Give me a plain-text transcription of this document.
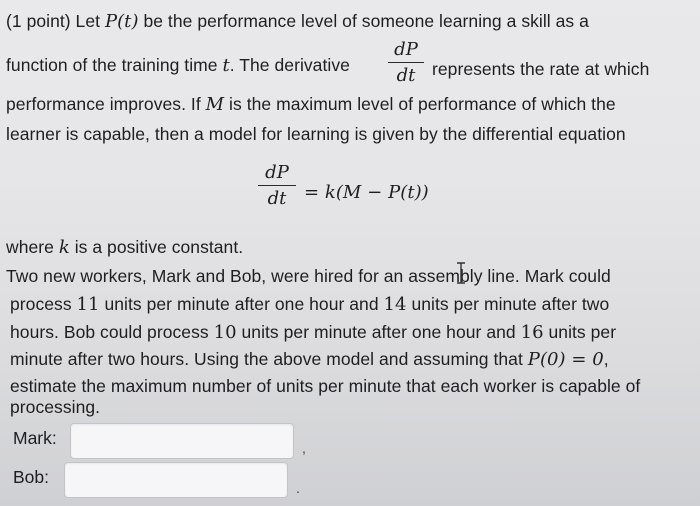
(1 point) Let P(t) be the performance level of someone learning a skill as a
function of the training time t. The derivative
dP
dt represents the rate at which
performance improves. If M is the maximum level of performance of which the
learner is capable, then a model for learning is given by the differential equation
dP
dt = k(M − P(t))
where k is a positive constant.
Two new workers, Mark and Bob, were hired for an assembly line. Mark could
process 11 units per minute after one hour and 14 units per minute after two
hours. Bob could process 10 units per minute after one hour and 16 units per
minute after two hours. Using the above model and assuming that P(0) = 0,
estimate the maximum number of units per minute that each worker is capable of
processing.
Mark:	,
Bob:
.
